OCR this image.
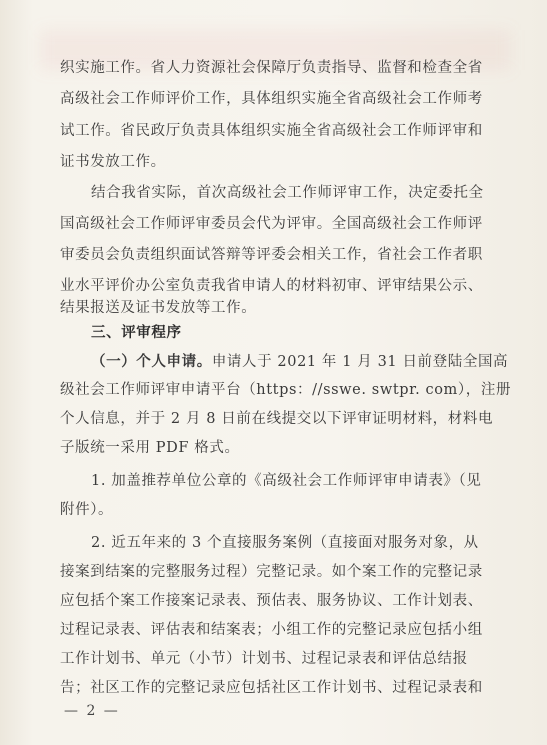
织实施工作。省人力资源社会保障厅负责指导、监督和检查全省
高级社会工作师评价工作，具体组织实施全省高级社会工作师考
试工作。省民政厅负责具体组织实施全省高级社会工作师评审和
证书发放工作。
结合我省实际，首次高级社会工作师评审工作，决定委托全
国高级社会工作师评审委员会代为评审。全国高级社会工作师评
审委员会负责组织面试答辩等评委会相关工作，省社会工作者职
业水平评价办公室负责我省申请人的材料初审、评审结果公示、
结果报送及证书发放等工作。
三、评审程序
（一）个人申请。申请人于 2021 年 1 月 31 日前登陆全国高
级社会工作师评审申请平台（https：//sswe. swtpr. com），注册
个人信息，并于 2 月 8 日前在线提交以下评审证明材料，材料电
子版统一采用 PDF 格式。
1. 加盖推荐单位公章的《高级社会工作师评审申请表》（见
附件）。
2. 近五年来的 3 个直接服务案例（直接面对服务对象，从
接案到结案的完整服务过程）完整记录。如个案工作的完整记录
应包括个案工作接案记录表、预估表、服务协议、工作计划表、
过程记录表、评估表和结案表；小组工作的完整记录应包括小组
工作计划书、单元（小节）计划书、过程记录表和评估总结报
告；社区工作的完整记录应包括社区工作计划书、过程记录表和
— 2 —
